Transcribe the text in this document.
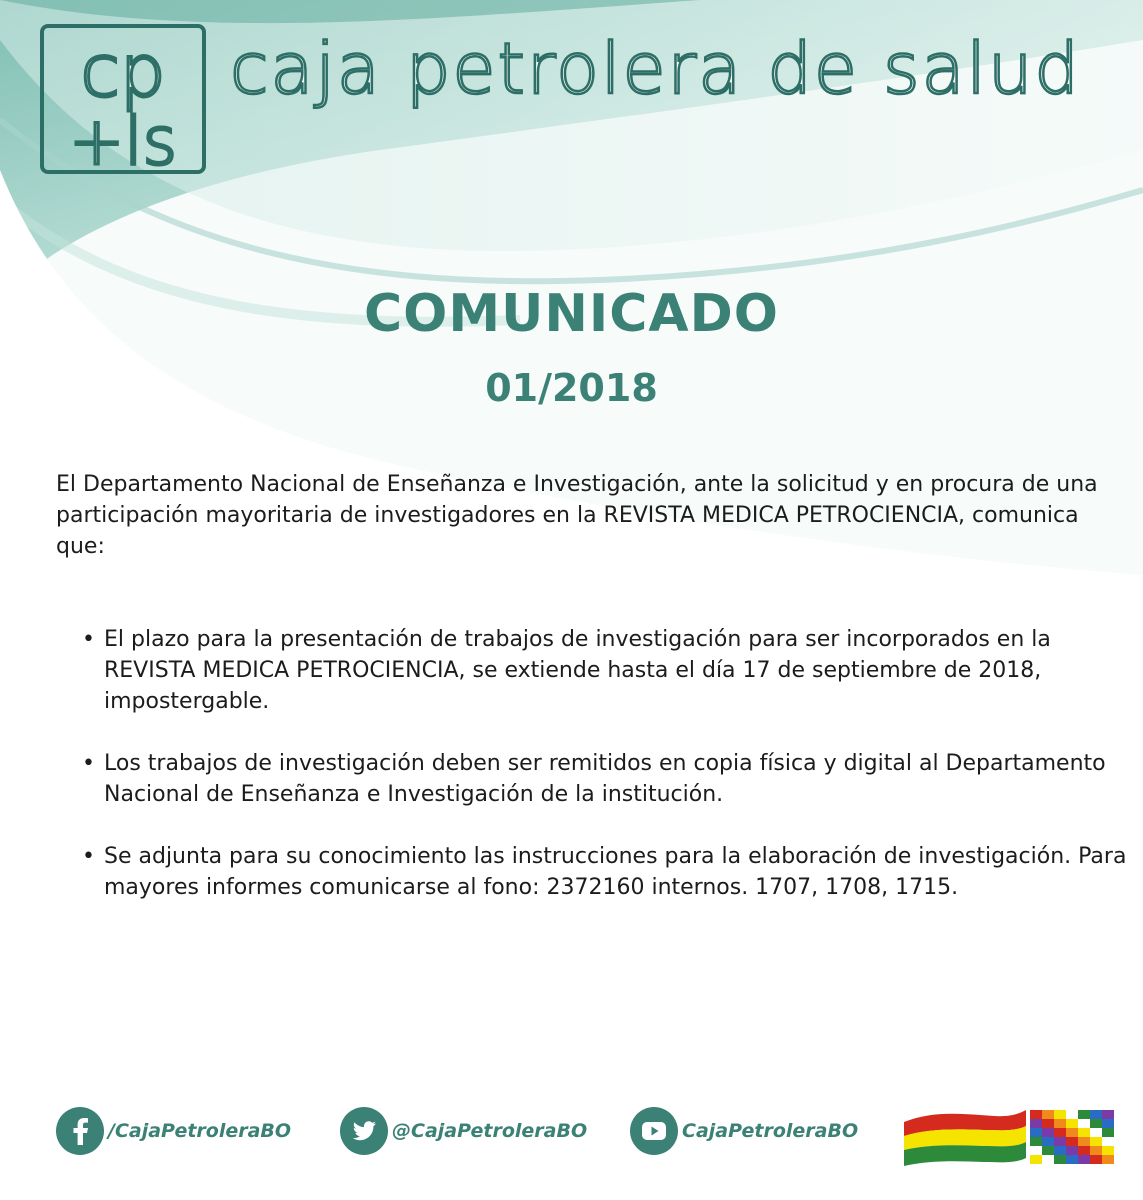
cp
+ls
caja petrolera de salud
COMUNICADO
01/2018

El Departamento Nacional de Enseñanza e Investigación, ante la solicitud y en procura de una participación mayoritaria de investigadores en la REVISTA MEDICA PETROCIENCIA, comunica que:

• El plazo para la presentación de trabajos de investigación para ser incorporados en la REVISTA MEDICA PETROCIENCIA, se extiende hasta el día 17 de septiembre de 2018, impostergable.
• Los trabajos de investigación deben ser remitidos en copia física y digital al Departamento Nacional de Enseñanza e Investigación de la institución.
• Se adjunta para su conocimiento las instrucciones para la elaboración de investigación. Para mayores informes comunicarse al fono: 2372160 internos. 1707, 1708, 1715.
/CajaPetroleraBO	@CajaPetroleraBO	CajaPetroleraBO
